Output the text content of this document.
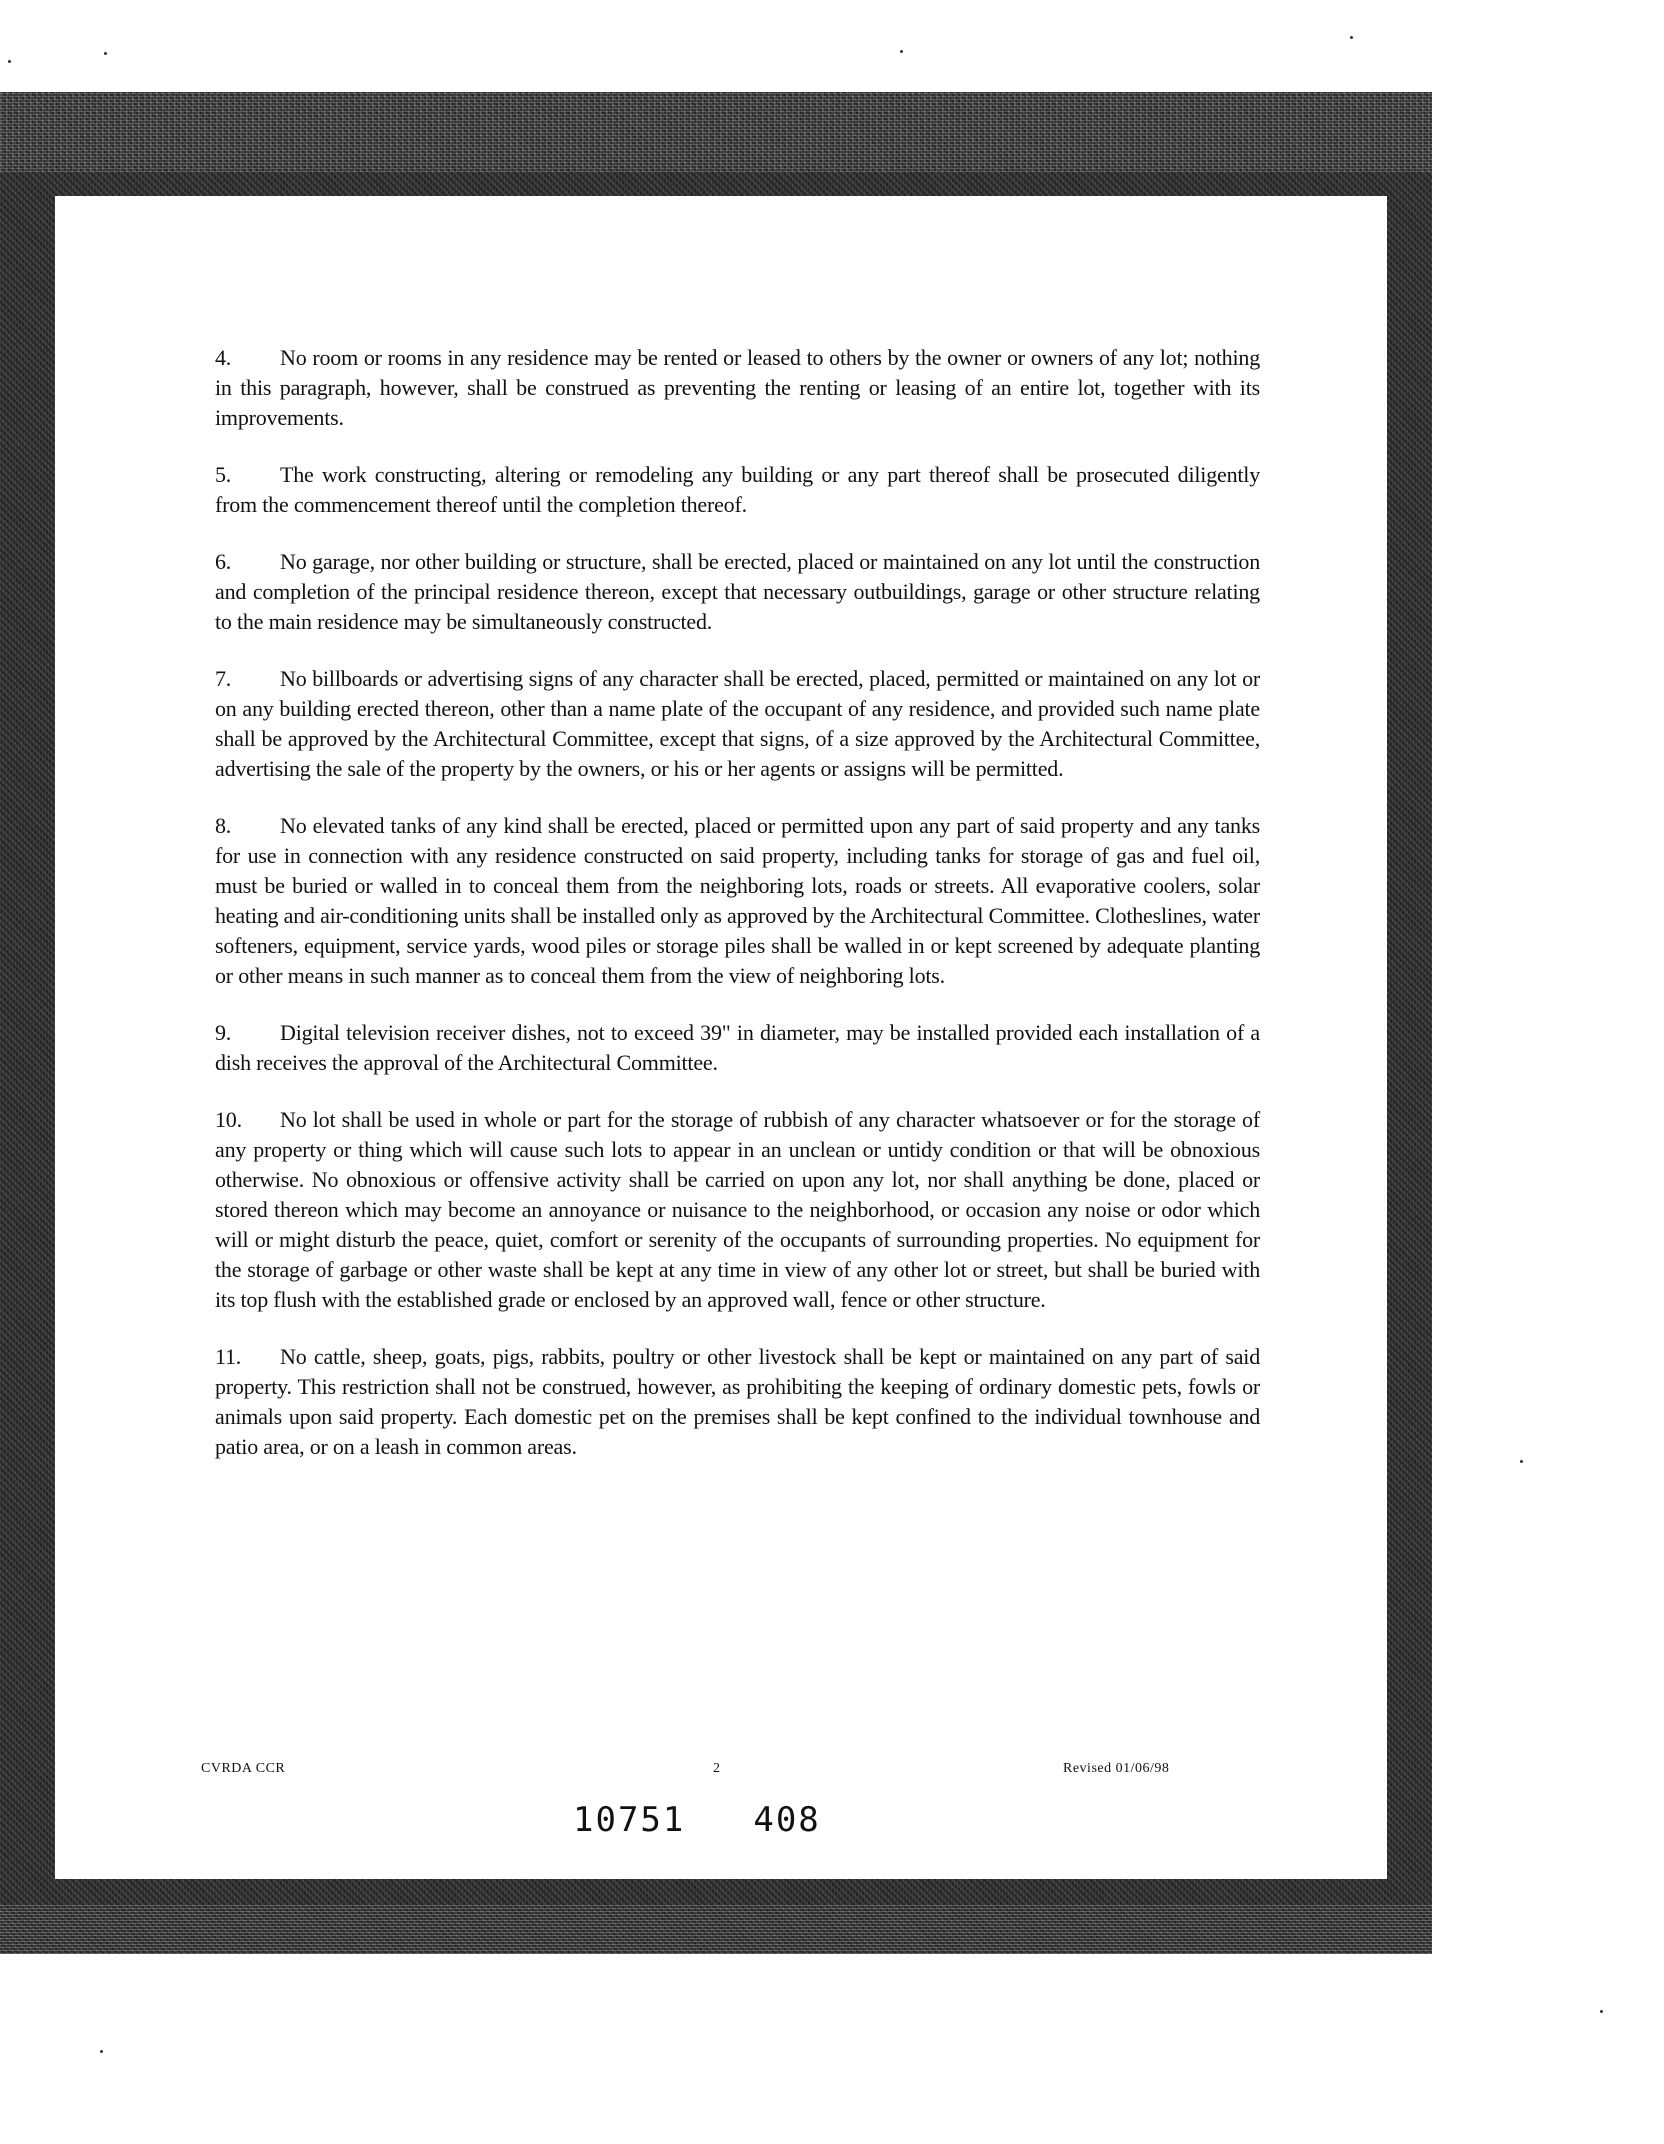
4. No room or rooms in any residence may be rented or leased to others by the owner or owners of any lot; nothing in this paragraph, however, shall be construed as preventing the renting or leasing of an entire lot, together with its improvements.

5. The work constructing, altering or remodeling any building or any part thereof shall be prosecuted diligently from the commencement thereof until the completion thereof.

6. No garage, nor other building or structure, shall be erected, placed or maintained on any lot until the construction and completion of the principal residence thereon, except that necessary outbuildings, garage or other structure relating to the main residence may be simultaneously constructed.

7. No billboards or advertising signs of any character shall be erected, placed, permitted or maintained on any lot or on any building erected thereon, other than a name plate of the occupant of any residence, and provided such name plate shall be approved by the Architectural Committee, except that signs, of a size approved by the Architectural Committee, advertising the sale of the property by the owners, or his or her agents or assigns will be permitted.

8. No elevated tanks of any kind shall be erected, placed or permitted upon any part of said property and any tanks for use in connection with any residence constructed on said property, including tanks for storage of gas and fuel oil, must be buried or walled in to conceal them from the neighboring lots, roads or streets. All evaporative coolers, solar heating and air-conditioning units shall be installed only as approved by the Architectural Committee. Clotheslines, water softeners, equipment, service yards, wood piles or storage piles shall be walled in or kept screened by adequate planting or other means in such manner as to conceal them from the view of neighboring lots.

9. Digital television receiver dishes, not to exceed 39" in diameter, may be installed provided each installation of a dish receives the approval of the Architectural Committee.

10. No lot shall be used in whole or part for the storage of rubbish of any character whatsoever or for the storage of any property or thing which will cause such lots to appear in an unclean or untidy condition or that will be obnoxious otherwise. No obnoxious or offensive activity shall be carried on upon any lot, nor shall anything be done, placed or stored thereon which may become an annoyance or nuisance to the neighborhood, or occasion any noise or odor which will or might disturb the peace, quiet, comfort or serenity of the occupants of surrounding properties. No equipment for the storage of garbage or other waste shall be kept at any time in view of any other lot or street, but shall be buried with its top flush with the established grade or enclosed by an approved wall, fence or other structure.

11. No cattle, sheep, goats, pigs, rabbits, poultry or other livestock shall be kept or maintained on any part of said property. This restriction shall not be construed, however, as prohibiting the keeping of ordinary domestic pets, fowls or animals upon said property. Each domestic pet on the premises shall be kept confined to the individual townhouse and patio area, or on a leash in common areas.

CVRDA CCR	2	Revised 01/06/98
10751 408
